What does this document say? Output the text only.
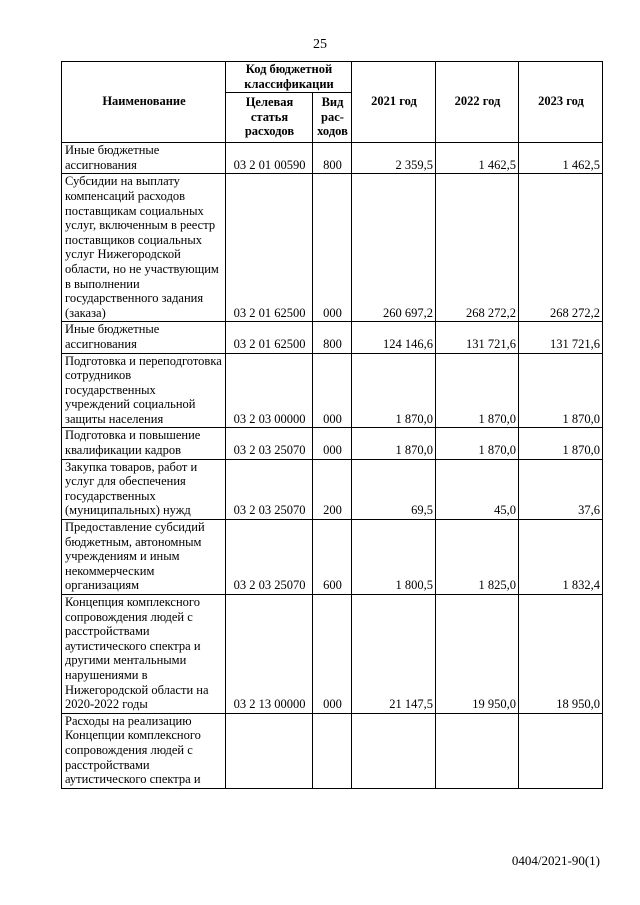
25
Наименование	Код бюджетной классификации		2021 год	2022 год	2023 год
	Целевая статья расходов	Вид рас-ходов			
Иные бюджетные ассигнования	03 2 01 00590	800	2 359,5	1 462,5	1 462,5
Субсидии на выплату компенсаций расходов поставщикам социальных услуг, включенным в реестр поставщиков социальных услуг Нижегородской области, но не участвующим в выполнении государственного задания (заказа)	03 2 01 62500	000	260 697,2	268 272,2	268 272,2
Иные бюджетные ассигнования	03 2 01 62500	800	124 146,6	131 721,6	131 721,6
Подготовка и переподготовка сотрудников государственных учреждений социальной защиты населения	03 2 03 00000	000	1 870,0	1 870,0	1 870,0
Подготовка и повышение квалификации кадров	03 2 03 25070	000	1 870,0	1 870,0	1 870,0
Закупка товаров, работ и услуг для обеспечения государственных (муниципальных) нужд	03 2 03 25070	200	69,5	45,0	37,6
Предоставление субсидий бюджетным, автономным учреждениям и иным некоммерческим организациям	03 2 03 25070	600	1 800,5	1 825,0	1 832,4
Концепция комплексного сопровождения людей с расстройствами аутистического спектра и другими ментальными нарушениями в Нижегородской области на 2020-2022 годы	03 2 13 00000	000	21 147,5	19 950,0	18 950,0
Расходы на реализацию Концепции комплексного сопровождения людей с расстройствами аутистического спектра и					
0404/2021-90(1)
